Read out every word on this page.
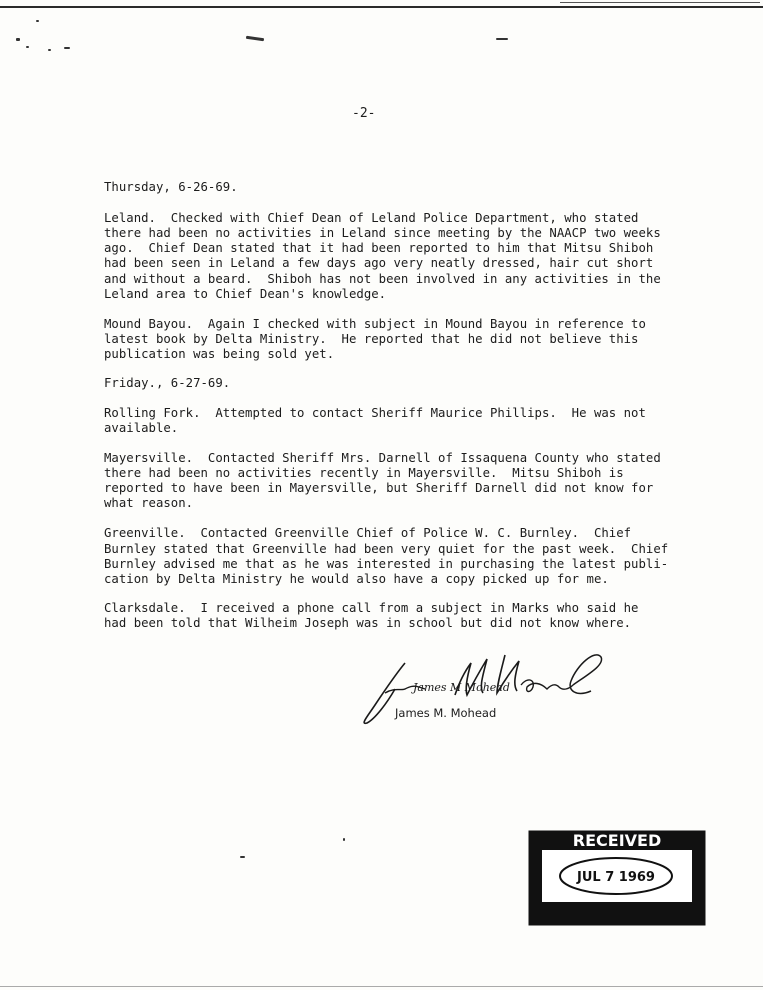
-2-
Thursday, 6-26-69.
Leland.  Checked with Chief Dean of Leland Police Department, who stated
there had been no activities in Leland since meeting by the NAACP two weeks
ago.  Chief Dean stated that it had been reported to him that Mitsu Shiboh
had been seen in Leland a few days ago very neatly dressed, hair cut short
and without a beard.  Shiboh has not been involved in any activities in the
Leland area to Chief Dean's knowledge.
Mound Bayou.  Again I checked with subject in Mound Bayou in reference to
latest book by Delta Ministry.  He reported that he did not believe this
publication was being sold yet.
Friday., 6-27-69.
Rolling Fork.  Attempted to contact Sheriff Maurice Phillips.  He was not
available.
Mayersville.  Contacted Sheriff Mrs. Darnell of Issaquena County who stated
there had been no activities recently in Mayersville.  Mitsu Shiboh is
reported to have been in Mayersville, but Sheriff Darnell did not know for
what reason.
Greenville.  Contacted Greenville Chief of Police W. C. Burnley.  Chief
Burnley stated that Greenville had been very quiet for the past week.  Chief
Burnley advised me that as he was interested in purchasing the latest publi-
cation by Delta Ministry he would also have a copy picked up for me.
Clarksdale.  I received a phone call from a subject in Marks who said he
had been told that Wilheim Joseph was in school but did not know where.
James M Mohead
James M. Mohead
RECEIVED
JUL 7 1969
